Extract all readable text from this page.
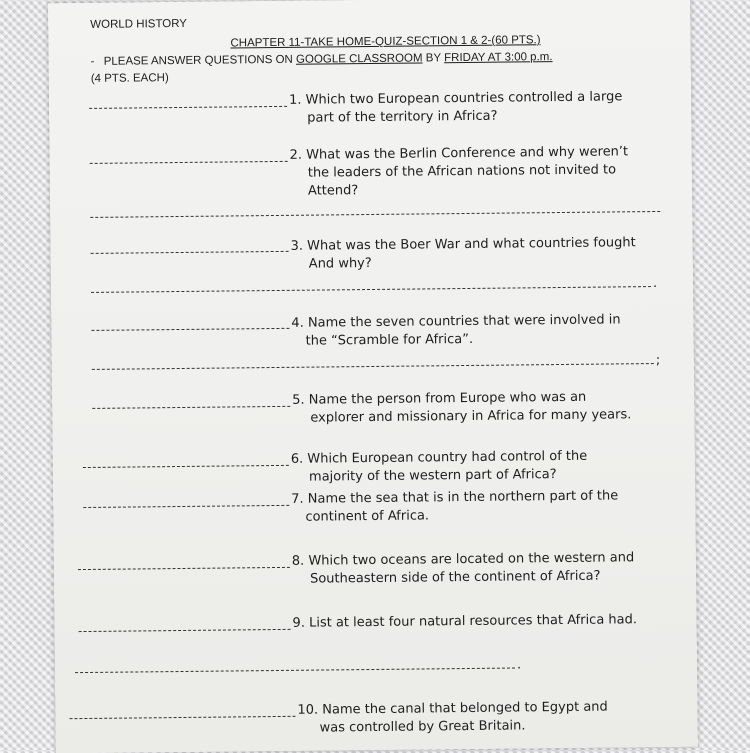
WORLD HISTORY
CHAPTER 11-TAKE HOME-QUIZ-SECTION 1 & 2-(60 PTS.)
- PLEASE ANSWER QUESTIONS ON GOOGLE CLASSROOM BY FRIDAY AT 3:00 p.m.
(4 PTS. EACH)
1. Which two European countries controlled a large
part of the territory in Africa?
2. What was the Berlin Conference and why weren’t
the leaders of the African nations not invited to
Attend?
3. What was the Boer War and what countries fought
And why?
.
4. Name the seven countries that were involved in
the “Scramble for Africa”.
;
5. Name the person from Europe who was an
explorer and missionary in Africa for many years.
6. Which European country had control of the
majority of the western part of Africa?
7. Name the sea that is in the northern part of the
continent of Africa.
8. Which two oceans are located on the western and
Southeastern side of the continent of Africa?
9. List at least four natural resources that Africa had.
.
10. Name the canal that belonged to Egypt and
was controlled by Great Britain.
